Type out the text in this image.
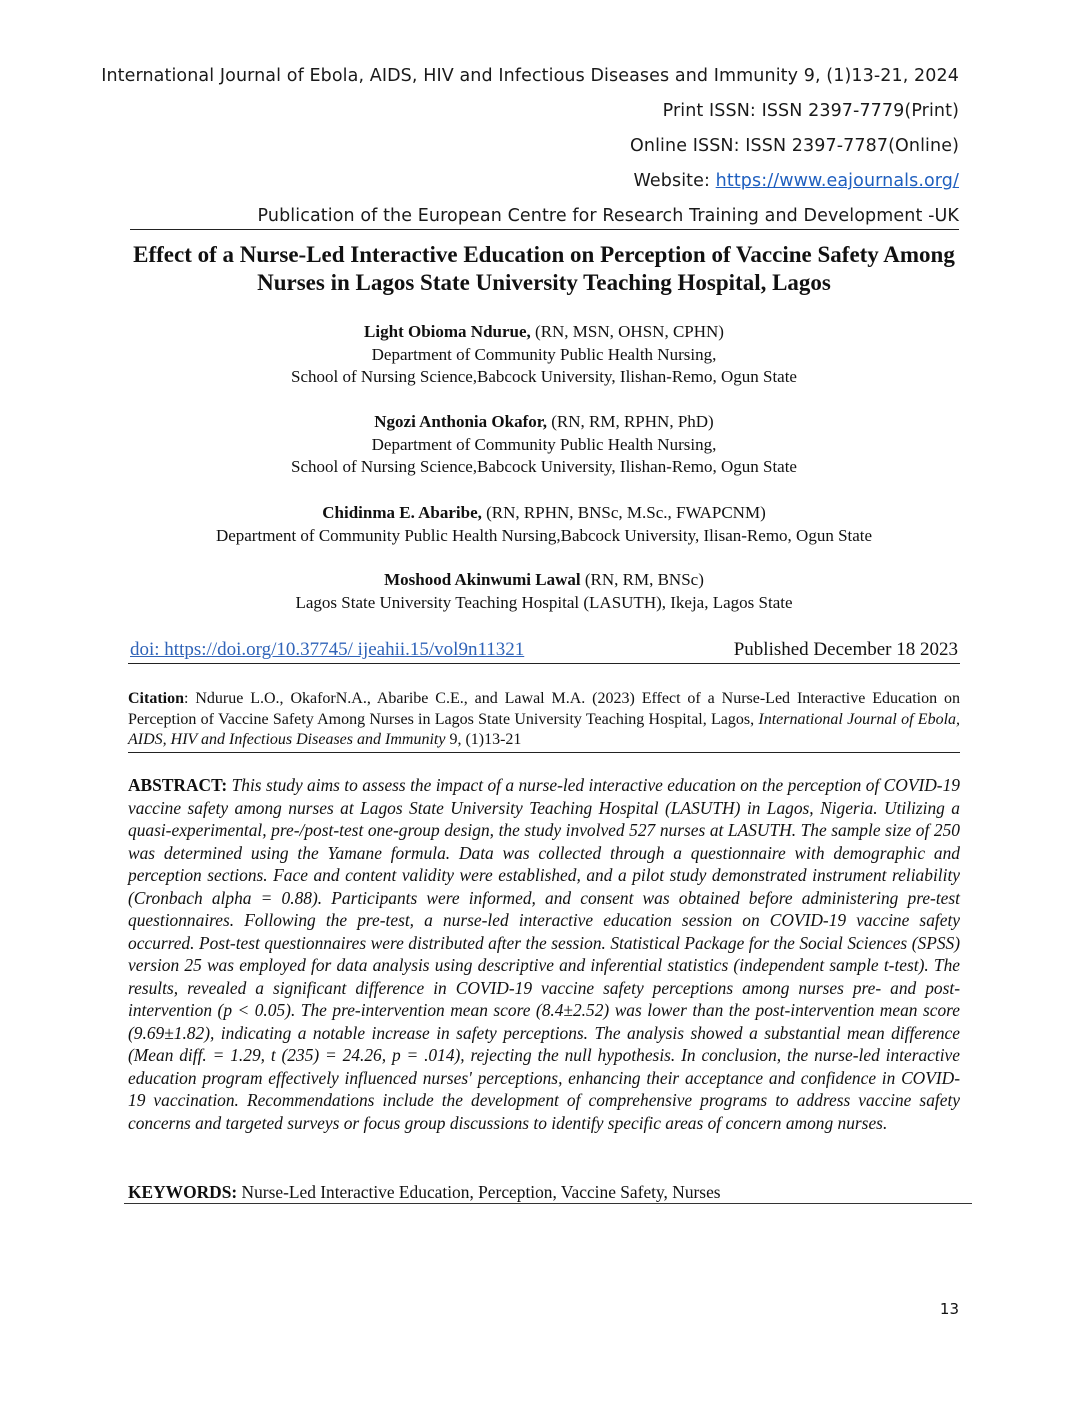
International Journal of Ebola, AIDS, HIV and Infectious Diseases and Immunity 9, (1)13-21, 2024
Print ISSN: ISSN 2397-7779(Print)
Online ISSN: ISSN 2397-7787(Online)
Website: https://www.eajournals.org/
Publication of the European Centre for Research Training and Development -UK
Effect of a Nurse-Led Interactive Education on Perception of Vaccine Safety Among Nurses in Lagos State University Teaching Hospital, Lagos
Light Obioma Ndurue, (RN, MSN, OHSN, CPHN)
Department of Community Public Health Nursing,
School of Nursing Science,Babcock University, Ilishan-Remo, Ogun State
Ngozi Anthonia Okafor, (RN, RM, RPHN, PhD)
Department of Community Public Health Nursing,
School of Nursing Science,Babcock University, Ilishan-Remo, Ogun State
Chidinma E. Abaribe, (RN, RPHN, BNSc, M.Sc., FWAPCNM)
Department of Community Public Health Nursing,Babcock University, Ilisan-Remo, Ogun State
Moshood Akinwumi Lawal (RN, RM, BNSc)
Lagos State University Teaching Hospital (LASUTH), Ikeja, Lagos State
doi: https://doi.org/10.37745/ ijeahii.15/vol9n11321	Published December 18 2023
Citation: Ndurue L.O., OkaforN.A., Abaribe C.E., and Lawal M.A. (2023) Effect of a Nurse-Led Interactive Education on Perception of Vaccine Safety Among Nurses in Lagos State University Teaching Hospital, Lagos, International Journal of Ebola, AIDS, HIV and Infectious Diseases and Immunity 9, (1)13-21
ABSTRACT: This study aims to assess the impact of a nurse-led interactive education on the perception of COVID-19 vaccine safety among nurses at Lagos State University Teaching Hospital (LASUTH) in Lagos, Nigeria. Utilizing a quasi-experimental, pre-/post-test one-group design, the study involved 527 nurses at LASUTH. The sample size of 250 was determined using the Yamane formula. Data was collected through a questionnaire with demographic and perception sections. Face and content validity were established, and a pilot study demonstrated instrument reliability (Cronbach alpha = 0.88). Participants were informed, and consent was obtained before administering pre-test questionnaires. Following the pre-test, a nurse-led interactive education session on COVID-19 vaccine safety occurred. Post-test questionnaires were distributed after the session. Statistical Package for the Social Sciences (SPSS) version 25 was employed for data analysis using descriptive and inferential statistics (independent sample t-test). The results, revealed a significant difference in COVID-19 vaccine safety perceptions among nurses pre- and post-intervention (p < 0.05). The pre-intervention mean score (8.4±2.52) was lower than the post-intervention mean score (9.69±1.82), indicating a notable increase in safety perceptions. The analysis showed a substantial mean difference (Mean diff. = 1.29, t (235) = 24.26, p = .014), rejecting the null hypothesis. In conclusion, the nurse-led interactive education program effectively influenced nurses' perceptions, enhancing their acceptance and confidence in COVID-19 vaccination. Recommendations include the development of comprehensive programs to address vaccine safety concerns and targeted surveys or focus group discussions to identify specific areas of concern among nurses.
KEYWORDS: Nurse-Led Interactive Education, Perception, Vaccine Safety, Nurses
13
